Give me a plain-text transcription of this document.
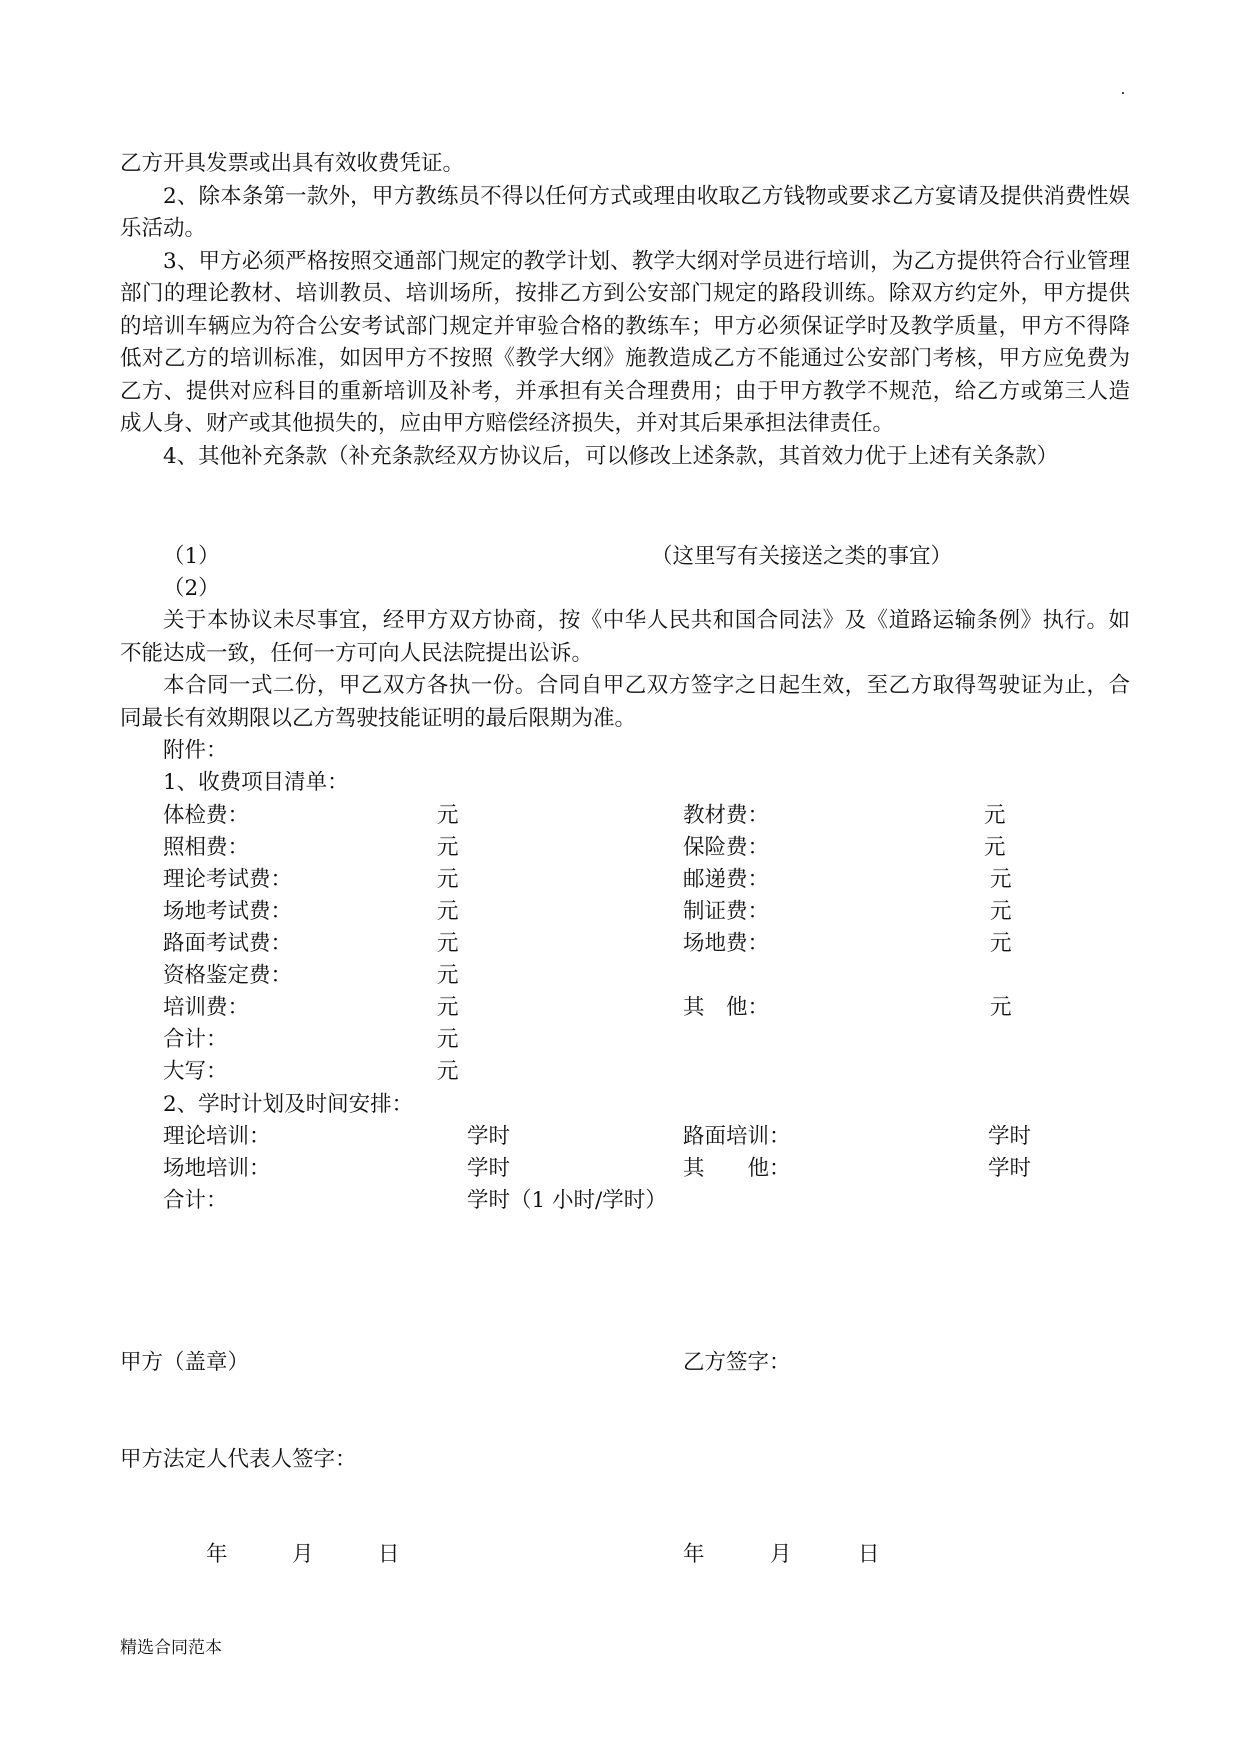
乙方开具发票或出具有效收费凭证。

2、除本条第一款外，甲方教练员不得以任何方式或理由收取乙方钱物或要求乙方宴请及提供消费性娱乐活动。

3、甲方必须严格按照交通部门规定的教学计划、教学大纲对学员进行培训，为乙方提供符合行业管理部门的理论教材、培训教员、培训场所，按排乙方到公安部门规定的路段训练。除双方约定外，甲方提供的培训车辆应为符合公安考试部门规定并审验合格的教练车；甲方必须保证学时及教学质量，甲方不得降低对乙方的培训标准，如因甲方不按照《教学大纲》施教造成乙方不能通过公安部门考核，甲方应免费为乙方、提供对应科目的重新培训及补考，并承担有关合理费用；由于甲方教学不规范，给乙方或第三人造成人身、财产或其他损失的，应由甲方赔偿经济损失，并对其后果承担法律责任。

4、其他补充条款（补充条款经双方协议后，可以修改上述条款，其首效力优于上述有关条款）

（1）	（这里写有关接送之类的事宜）
（2）

关于本协议未尽事宜，经甲方双方协商，按《中华人民共和国合同法》及《道路运输条例》执行。如不能达成一致，任何一方可向人民法院提出讼诉。

本合同一式二份，甲乙双方各执一份。合同自甲乙双方签字之日起生效，至乙方取得驾驶证为止，合同最长有效期限以乙方驾驶技能证明的最后限期为准。

附件：
1、收费项目清单：
体检费：	元	教材费：	元
照相费：	元	保险费：	元
理论考试费：	元	邮递费：	元
场地考试费：	元	制证费：	元
路面考试费：	元	场地费：	元
资格鉴定费：	元
培训费：	元	其　他：	元
合计：	元
大写：	元
2、学时计划及时间安排：
理论培训：	学时	路面培训：	学时
场地培训：	学时	其　　他：	学时
合计：	学时（1 小时/学时）
甲方（盖章）	乙方签字：
甲方法定人代表人签字：
年	月	日	年	月	日
精选合同范本
